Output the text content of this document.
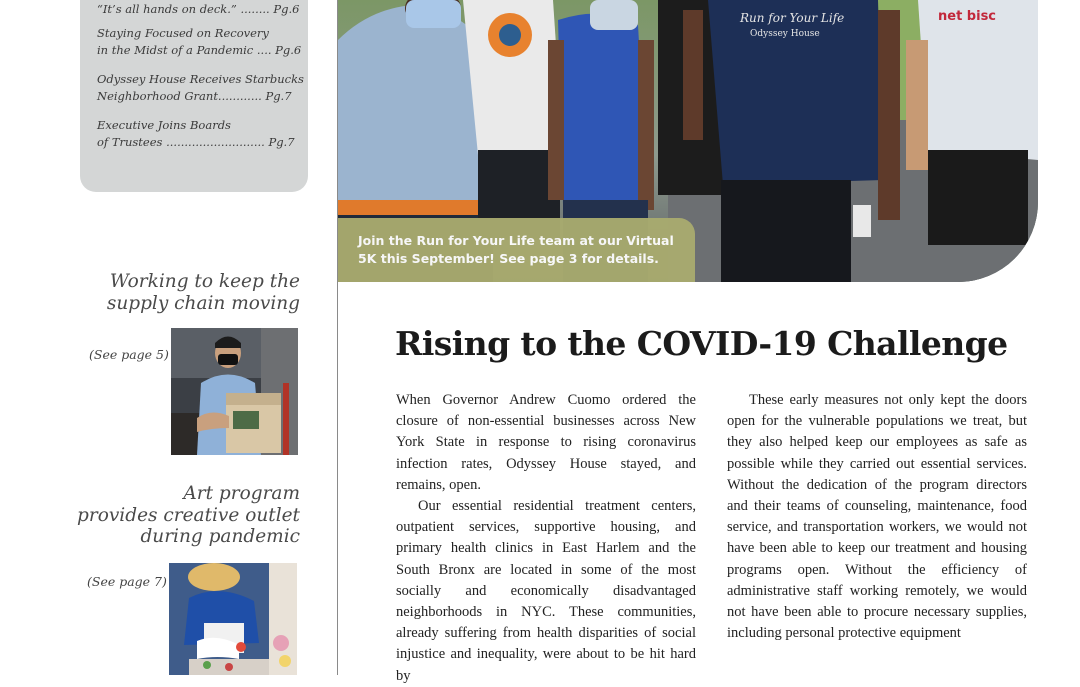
“It’s all hands on deck.” ........ Pg.6
Staying Focused on Recovery
in the Midst of a Pandemic .... Pg.6
Odyssey House Receives Starbucks
Neighborhood Grant............ Pg.7
Executive Joins Boards
of Trustees ........................... Pg.7
Working to keep the
supply chain moving
(See page 5)
Art program
provides creative outlet
during pandemic
(See page 7)
Run for Your Life
Odyssey House
net bisc
Join the Run for Your Life team at our Virtual
5K this September! See page 3 for details.
Rising to the COVID-19 Challenge

When Governor Andrew Cuomo ordered the closure of non-essential businesses across New York State in response to rising coronavirus infection rates, Odyssey House stayed, and remains, open.

Our essential residential treatment centers, outpatient services, supportive housing, and primary health clinics in East Harlem and the South Bronx are located in some of the most socially and economically disadvantaged neighborhoods in NYC. These communities, already suffering from health disparities of social injustice and inequality, were about to be hit hard by

These early measures not only kept the doors open for the vulnerable populations we treat, but they also helped keep our employees as safe as possible while they carried out essential services. Without the dedication of the program directors and their teams of counseling, maintenance, food service, and transportation workers, we would not have been able to keep our treatment and housing programs open. Without the efficiency of administrative staff working remotely, we would not have been able to procure necessary supplies, including personal protective equipment
